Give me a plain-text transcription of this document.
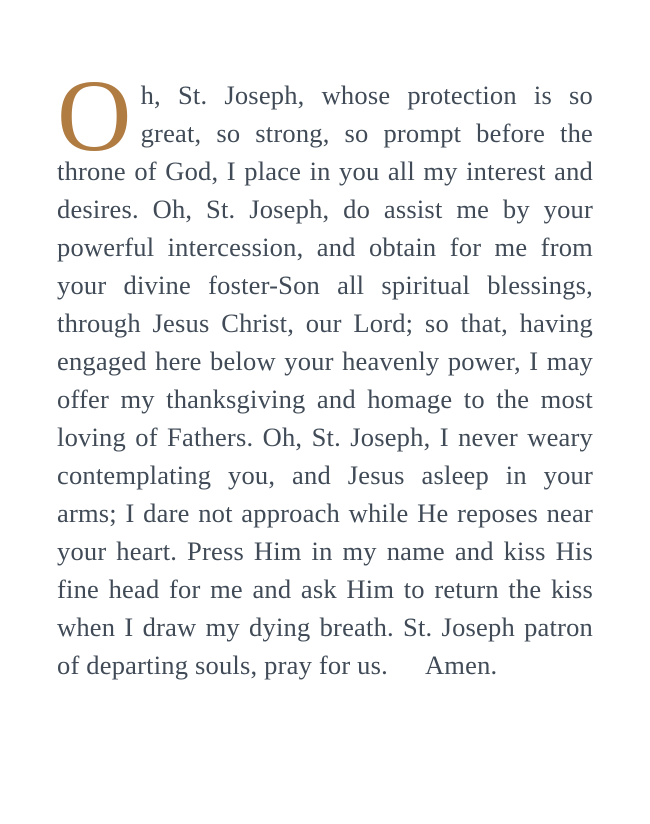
Oh, St. Joseph, whose protection is so great, so strong, so prompt before the throne of God, I place in you all my interest and desires. Oh, St. Joseph, do assist me by your powerful intercession, and obtain for me from your divine foster-Son all spiritual blessings, through Jesus Christ, our Lord; so that, having engaged here below your heavenly power, I may offer my thanksgiving and homage to the most loving of Fathers. Oh, St. Joseph, I never weary contemplating you, and Jesus asleep in your arms; I dare not approach while He reposes near your heart. Press Him in my name and kiss His fine head for me and ask Him to return the kiss when I draw my dying breath. St. Joseph patron of departing souls, pray for us. Amen.
